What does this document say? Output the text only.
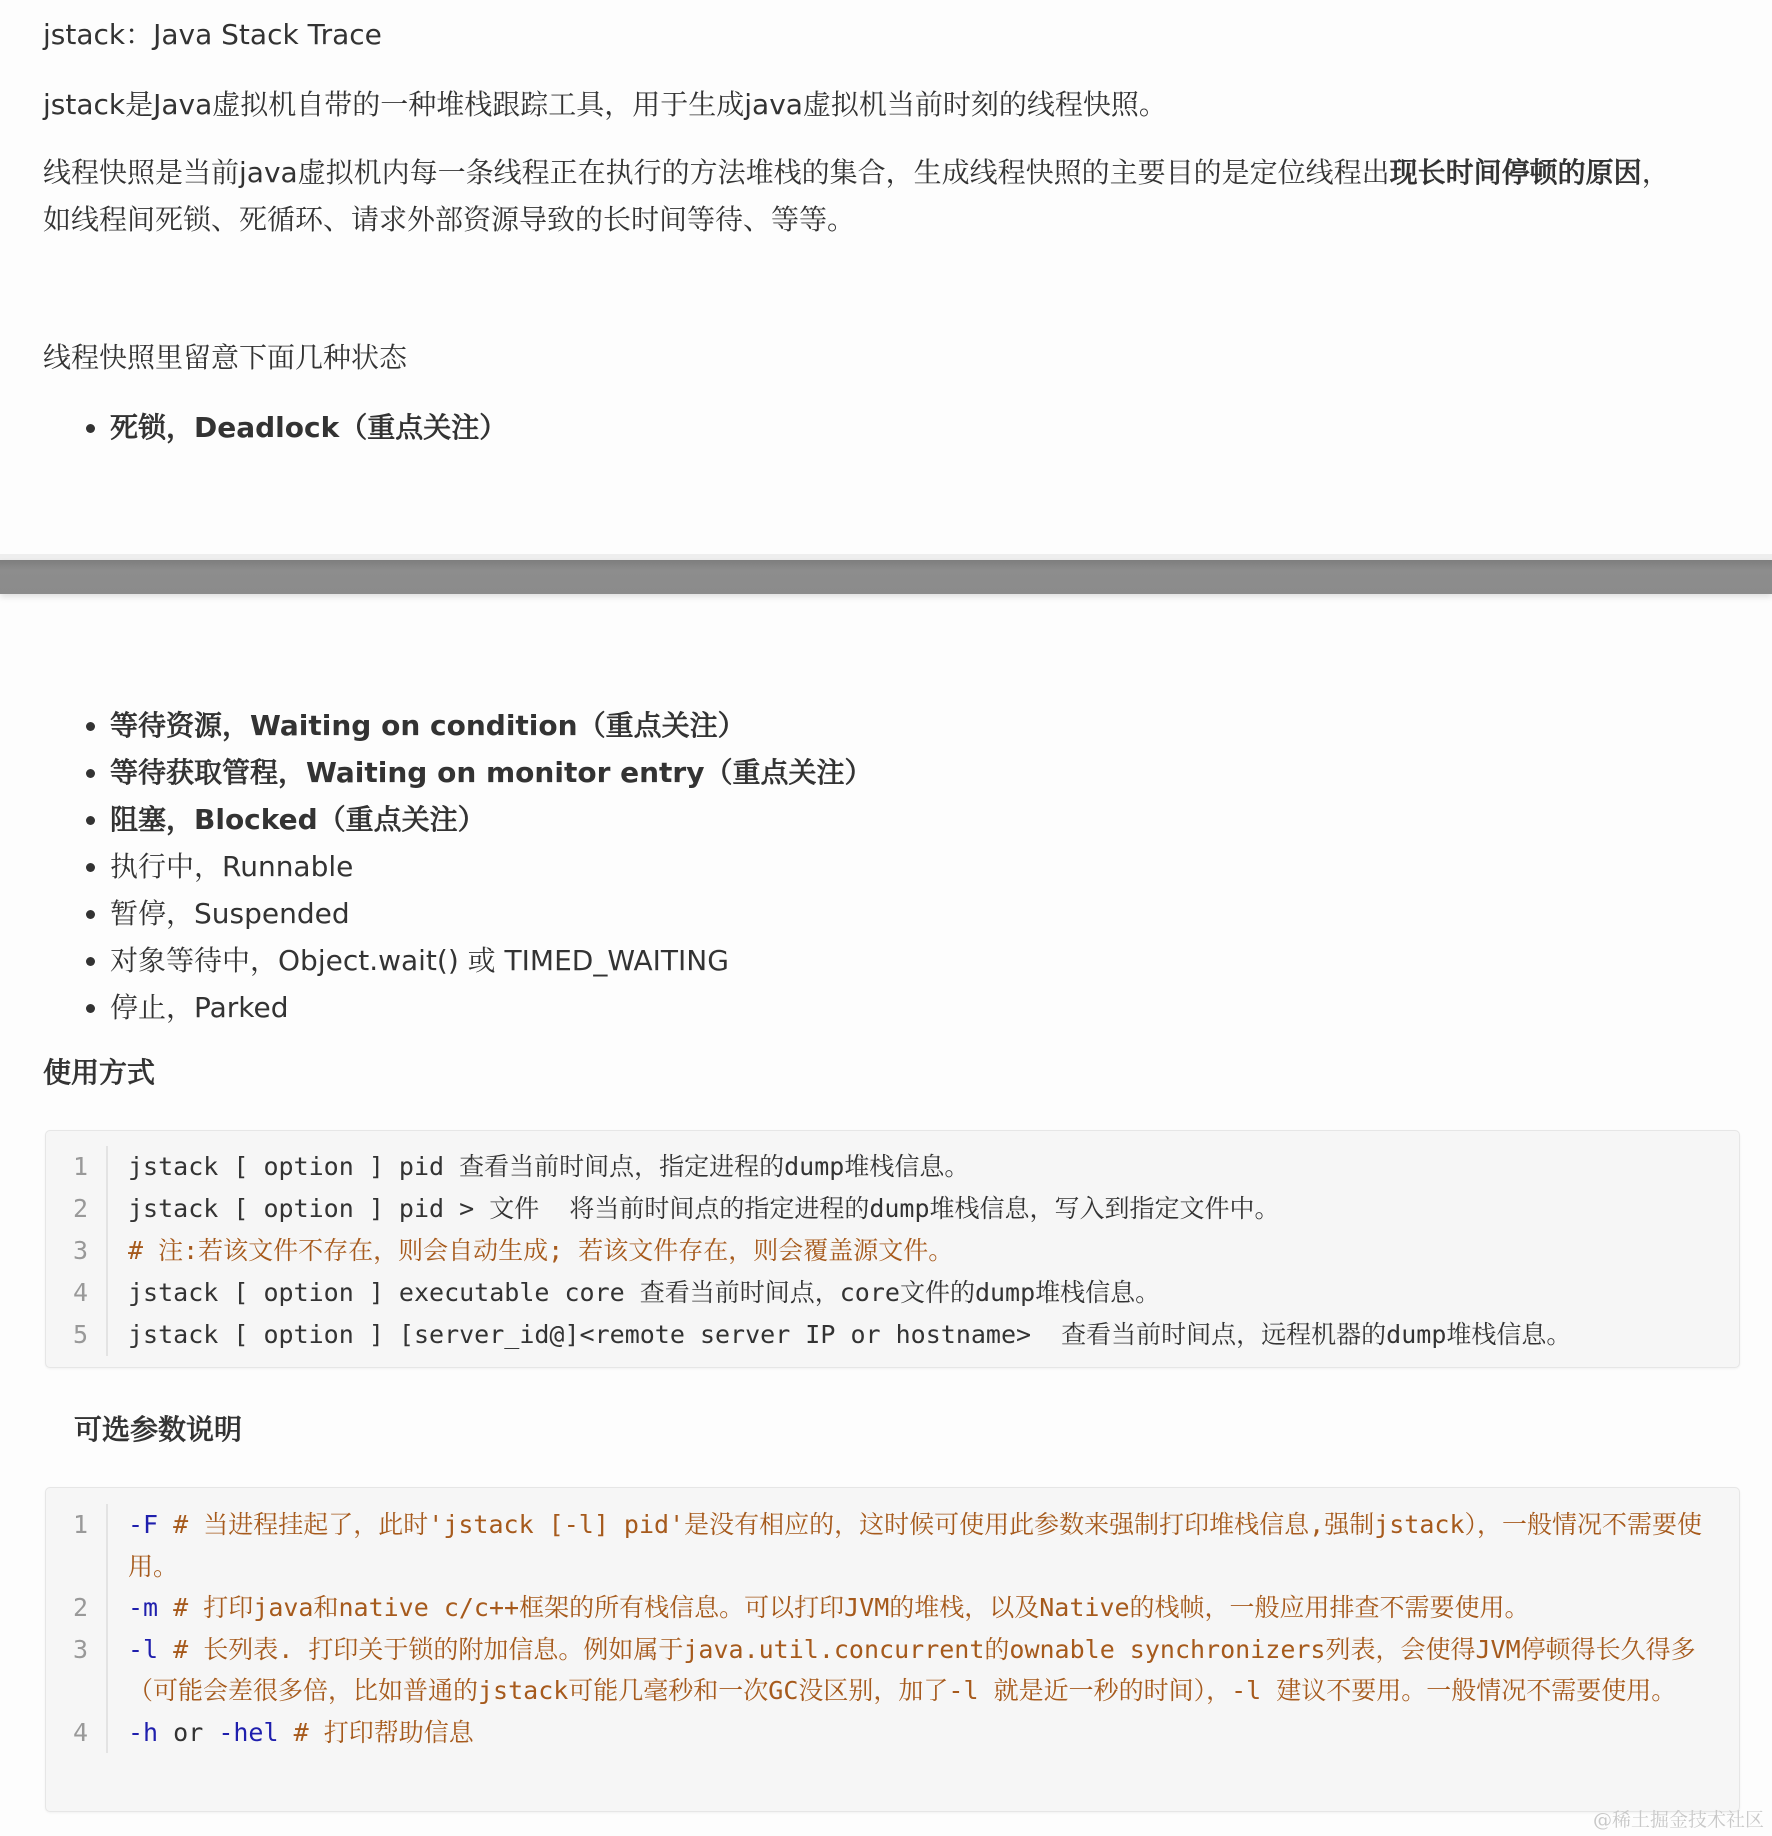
jstack：Java Stack Trace
jstack是Java虚拟机自带的一种堆栈跟踪工具，用于生成java虚拟机当前时刻的线程快照。
线程快照是当前java虚拟机内每一条线程正在执行的方法堆栈的集合，生成线程快照的主要目的是定位线程出现长时间停顿的原因，
如线程间死锁、死循环、请求外部资源导致的长时间等待、等等。
线程快照里留意下面几种状态
• 死锁，Deadlock（重点关注）
• 等待资源，Waiting on condition（重点关注）
• 等待获取管程，Waiting on monitor entry（重点关注）
• 阻塞，Blocked（重点关注）
• 执行中，Runnable
• 暂停，Suspended
• 对象等待中，Object.wait() 或 TIMED_WAITING
• 停止，Parked
使用方式
1	jstack [ option ] pid 查看当前时间点，指定进程的dump堆栈信息。
2	jstack [ option ] pid > 文件  将当前时间点的指定进程的dump堆栈信息，写入到指定文件中。
3	# 注:若该文件不存在，则会自动生成; 若该文件存在，则会覆盖源文件。
4	jstack [ option ] executable core 查看当前时间点，core文件的dump堆栈信息。
5	jstack [ option ] [server_id@]<remote server IP or hostname>  查看当前时间点，远程机器的dump堆栈信息。
可选参数说明
1	-F # 当进程挂起了，此时'jstack [-l] pid'是没有相应的，这时候可使用此参数来强制打印堆栈信息,强制jstack），一般情况不需要使用。
2	-m # 打印java和native c/c++框架的所有栈信息。可以打印JVM的堆栈，以及Native的栈帧，一般应用排查不需要使用。
3	-l # 长列表. 打印关于锁的附加信息。例如属于java.util.concurrent的ownable synchronizers列表，会使得JVM停顿得长久得多（可能会差很多倍，比如普通的jstack可能几毫秒和一次GC没区别，加了-l 就是近一秒的时间），-l 建议不要用。一般情况不需要使用。
4	-h or -hel # 打印帮助信息
@稀土掘金技术社区
